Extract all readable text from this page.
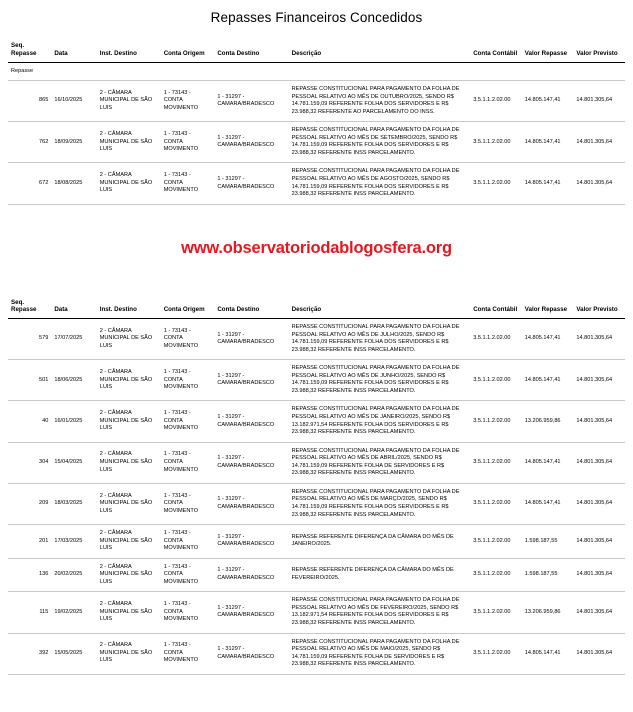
Repasses Financeiros Concedidos
Seq. Repasse	Data	Inst. Destino	Conta Origem	Conta Destino	Descrição	Conta Contábil	Valor Repasse	Valor Previsto
Repasse								
865	16/10/2025	2 - CÂMARA MUNICIPAL DE SÃO LUIS	1 - 73143 - CONTA MOVIMENTO	1 - 31297 - CAMARA/BRADESCO	REPASSE CONSTITUCIONAL PARA PAGAMENTO DA FOLHA DE PESSOAL RELATIVO AO MÊS DE OUTUBRO/2025, SENDO R$ 14.781.159,09 REFERENTE FOLHA DOS SERVIDORES E R$ 23.988,32 REFERENTE AO PARCELAMENTO DO INSS.	3.5.1.1.2.02.00	14.805.147,41	14.801.305,64
762	18/09/2025	2 - CÂMARA MUNICIPAL DE SÃO LUIS	1 - 73143 - CONTA MOVIMENTO	1 - 31297 - CAMARA/BRADESCO	REPASSE CONSTITUCIONAL PARA PAGAMENTO DA FOLHA DE PESSOAL RELATIVO AO MÊS DE SETEMBRO/2025, SENDO R$ 14.781.159,09 REFERENTE FOLHA DOS SERVIDORES E R$ 23.988,32 REFERENTE INSS PARCELAMENTO.	3.5.1.1.2.02.00	14.805.147,41	14.801.305,64
672	18/08/2025	2 - CÂMARA MUNICIPAL DE SÃO LUIS	1 - 73143 - CONTA MOVIMENTO	1 - 31297 - CAMARA/BRADESCO	REPASSE CONSTITUCIONAL PARA PAGAMENTO DA FOLHA DE PESSOAL RELATIVO AO MÊS DE AGOSTO/2025, SENDO R$ 14.781.159,09 REFERENTE FOLHA DOS SERVIDORES E R$ 23.988,32 REFERENTE INSS PARCELAMENTO.	3.5.1.1.2.02.00	14.805.147,41	14.801.305,64
www.observatoriodablogosfera.org
Seq. Repasse	Data	Inst. Destino	Conta Origem	Conta Destino	Descrição	Conta Contábil	Valor Repasse	Valor Previsto
579	17/07/2025	2 - CÂMARA MUNICIPAL DE SÃO LUIS	1 - 73143 - CONTA MOVIMENTO	1 - 31297 - CAMARA/BRADESCO	REPASSE CONSTITUCIONAL PARA PAGAMENTO DA FOLHA DE PESSOAL RELATIVO AO MÊS DE JULHO/2025, SENDO R$ 14.781.159,09 REFERENTE FOLHA DOS SERVIDORES E R$ 23.988,32 REFERENTE INSS PARCELAMENTO.	3.5.1.1.2.02.00	14.805.147,41	14.801.305,64
501	18/06/2025	2 - CÂMARA MUNICIPAL DE SÃO LUIS	1 - 73143 - CONTA MOVIMENTO	1 - 31297 - CAMARA/BRADESCO	REPASSE CONSTITUCIONAL PARA PAGAMENTO DA FOLHA DE PESSOAL RELATIVO AO MÊS DE JUNHO/2025, SENDO R$ 14.781.159,09 REFERENTE FOLHA DOS SERVIDORES E R$ 23.988,32 REFERENTE INSS PARCELAMENTO.	3.5.1.1.2.02.00	14.805.147,41	14.801.305,64
40	16/01/2025	2 - CÂMARA MUNICIPAL DE SÃO LUIS	1 - 73143 - CONTA MOVIMENTO	1 - 31297 - CAMARA/BRADESCO	REPASSE CONSTITUCIONAL PARA PAGAMENTO DA FOLHA DE PESSOAL RELATIVO AO MÊS DE JANEIRO/2025, SENDO R$ 13.182.971,54 REFERENTE FOLHA DOS SERVIDORES E R$ 23.988,32 REFERENTE INSS PARCELAMENTO.	3.5.1.1.2.02.00	13.206.959,86	14.801.305,64
304	15/04/2025	2 - CÂMARA MUNICIPAL DE SÃO LUIS	1 - 73143 - CONTA MOVIMENTO	1 - 31297 - CAMARA/BRADESCO	REPASSE CONSTITUCIONAL PARA PAGAMENTO DA FOLHA DE PESSOAL RELATIVO AO MÊS DE ABRIL/2025, SENDO R$ 14.781.159,09 REFERENTE FOLHA DE SERVIDORES E R$ 23.988,32 REFERENTE INSS PARCELAMENTO.	3.5.1.1.2.02.00	14.805.147,41	14.801.305,64
209	18/03/2025	2 - CÂMARA MUNICIPAL DE SÃO LUIS	1 - 73143 - CONTA MOVIMENTO	1 - 31297 - CAMARA/BRADESCO	REPASSE CONSTITUCIONAL PARA PAGAMENTO DA FOLHA DE PESSOAL RELATIVO AO MÊS DE MARÇO/2025, SENDO R$ 14.781.159,09 REFERENTE FOLHA DOS SERVIDORES E R$ 23.988,32 REFERENTE INSS PARCELAMENTO.	3.5.1.1.2.02.00	14.805.147,41	14.801.305,64
201	17/03/2025	2 - CÂMARA MUNICIPAL DE SÃO LUIS	1 - 73143 - CONTA MOVIMENTO	1 - 31297 - CAMARA/BRADESCO	REPASSE REFERENTE DIFERENÇA DA CÂMARA DO MÊS DE JANEIRO/2025.	3.5.1.1.2.02.00	1.598.187,55	14.801.305,64
136	20/02/2025	2 - CÂMARA MUNICIPAL DE SÃO LUIS	1 - 73143 - CONTA MOVIMENTO	1 - 31297 - CAMARA/BRADESCO	REPASSE REFERENTE DIFERENÇA DA CÂMARA DO MÊS DE FEVEREIRO/2025.	3.5.1.1.2.02.00	1.598.187,55	14.801.305,64
115	19/02/2025	2 - CÂMARA MUNICIPAL DE SÃO LUIS	1 - 73143 - CONTA MOVIMENTO	1 - 31297 - CAMARA/BRADESCO	REPASSE CONSTITUCIONAL PARA PAGAMENTO DA FOLHA DE PESSOAL RELATIVO AO MÊS DE FEVEREIRO/2025, SENDO R$ 13.182.971,54 REFERENTE FOLHA DOS SERVIDORES E R$ 23.988,32 REFERENTE INSS PARCELAMENTO.	3.5.1.1.2.02.00	13.206.959,86	14.801.305,64
392	15/05/2025	2 - CÂMARA MUNICIPAL DE SÃO LUIS	1 - 73143 - CONTA MOVIMENTO	1 - 31297 - CAMARA/BRADESCO	REPASSE CONSTITUCIONAL PARA PAGAMENTO DA FOLHA DE PESSOAL RELATIVO AO MÊS DE MAIO/2025, SENDO R$ 14.781.159,09 REFERENTE FOLHA DE SERVIDORES E R$ 23.988,32 REFERENTE INSS PARCELAMENTO.	3.5.1.1.2.02.00	14.805.147,41	14.801.305,64
